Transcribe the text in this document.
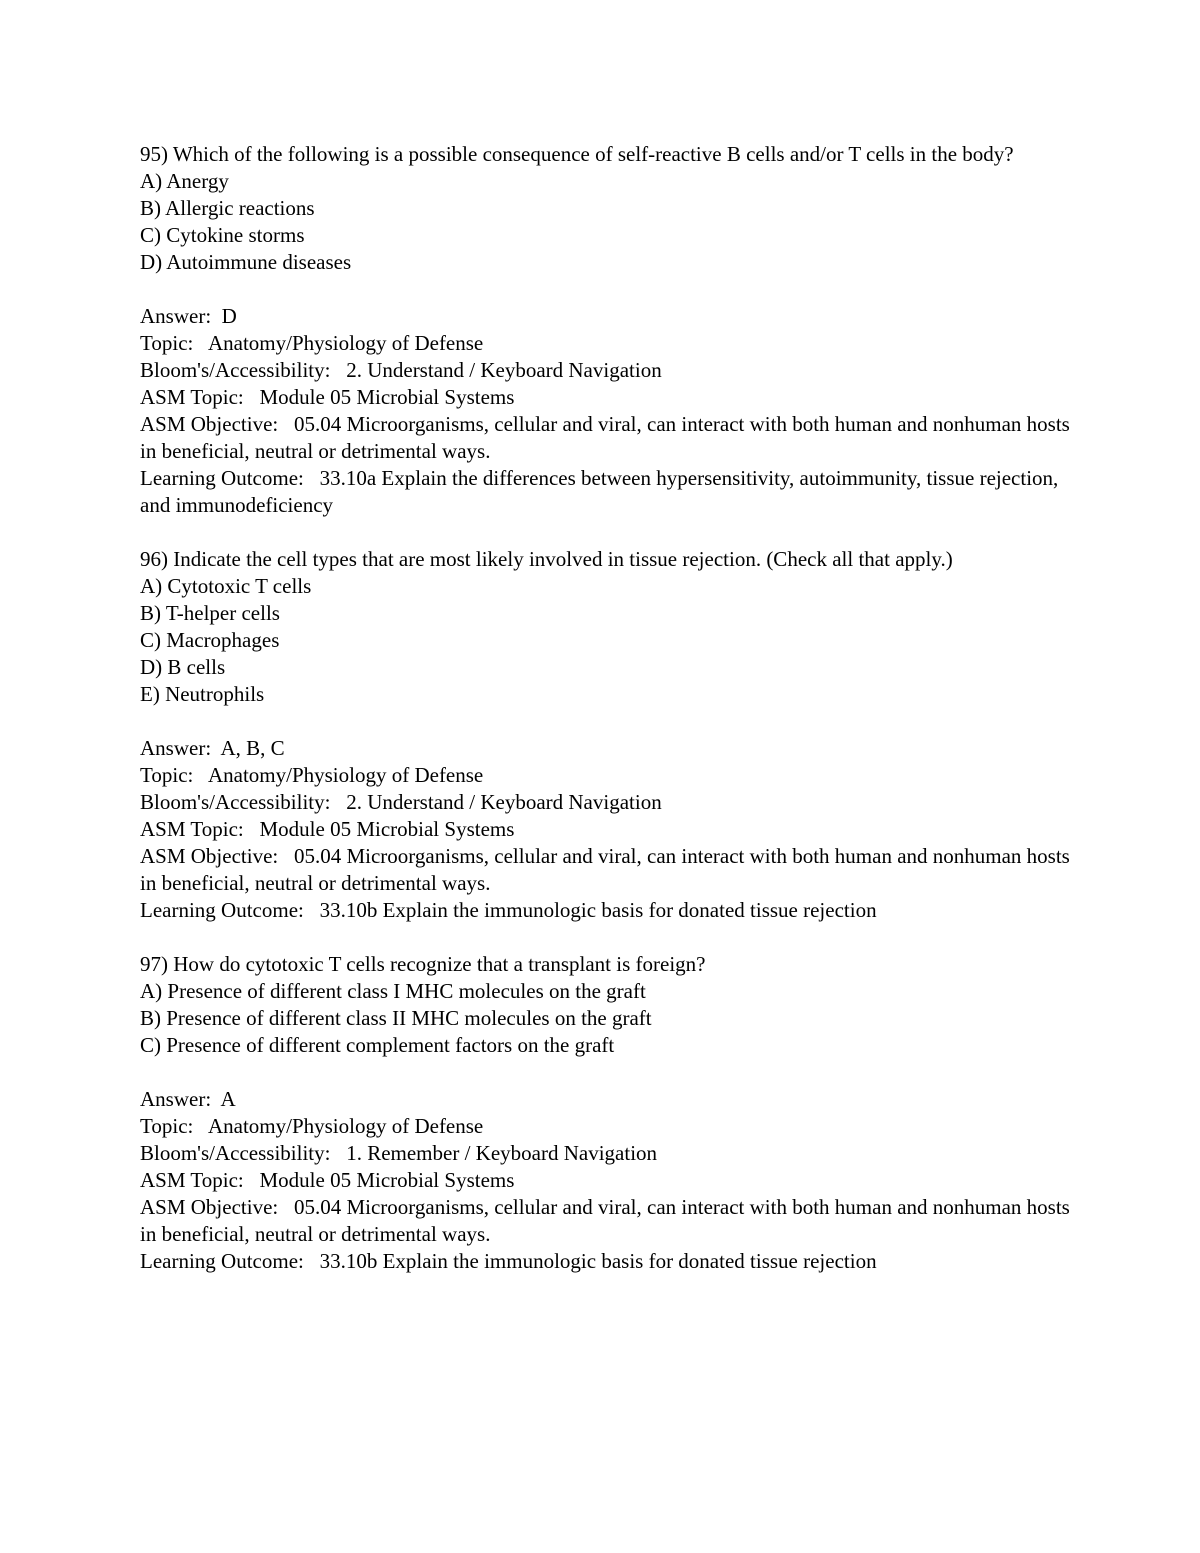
95) Which of the following is a possible consequence of self-reactive B cells and/or T cells in the body?
A) Anergy
B) Allergic reactions
C) Cytokine storms
D) Autoimmune diseases
Answer:  D
Topic:   Anatomy/Physiology of Defense
Bloom's/Accessibility:   2. Understand / Keyboard Navigation
ASM Topic:   Module 05 Microbial Systems
ASM Objective:   05.04 Microorganisms, cellular and viral, can interact with both human and nonhuman hosts in beneficial, neutral or detrimental ways.
Learning Outcome:   33.10a Explain the differences between hypersensitivity, autoimmunity, tissue rejection, and immunodeficiency
96) Indicate the cell types that are most likely involved in tissue rejection. (Check all that apply.)
A) Cytotoxic T cells
B) T-helper cells
C) Macrophages
D) B cells
E) Neutrophils
Answer:  A, B, C
Topic:   Anatomy/Physiology of Defense
Bloom's/Accessibility:   2. Understand / Keyboard Navigation
ASM Topic:   Module 05 Microbial Systems
ASM Objective:   05.04 Microorganisms, cellular and viral, can interact with both human and nonhuman hosts in beneficial, neutral or detrimental ways.
Learning Outcome:   33.10b Explain the immunologic basis for donated tissue rejection
97) How do cytotoxic T cells recognize that a transplant is foreign?
A) Presence of different class I MHC molecules on the graft
B) Presence of different class II MHC molecules on the graft
C) Presence of different complement factors on the graft
Answer:  A
Topic:   Anatomy/Physiology of Defense
Bloom's/Accessibility:   1. Remember / Keyboard Navigation
ASM Topic:   Module 05 Microbial Systems
ASM Objective:   05.04 Microorganisms, cellular and viral, can interact with both human and nonhuman hosts in beneficial, neutral or detrimental ways.
Learning Outcome:   33.10b Explain the immunologic basis for donated tissue rejection
